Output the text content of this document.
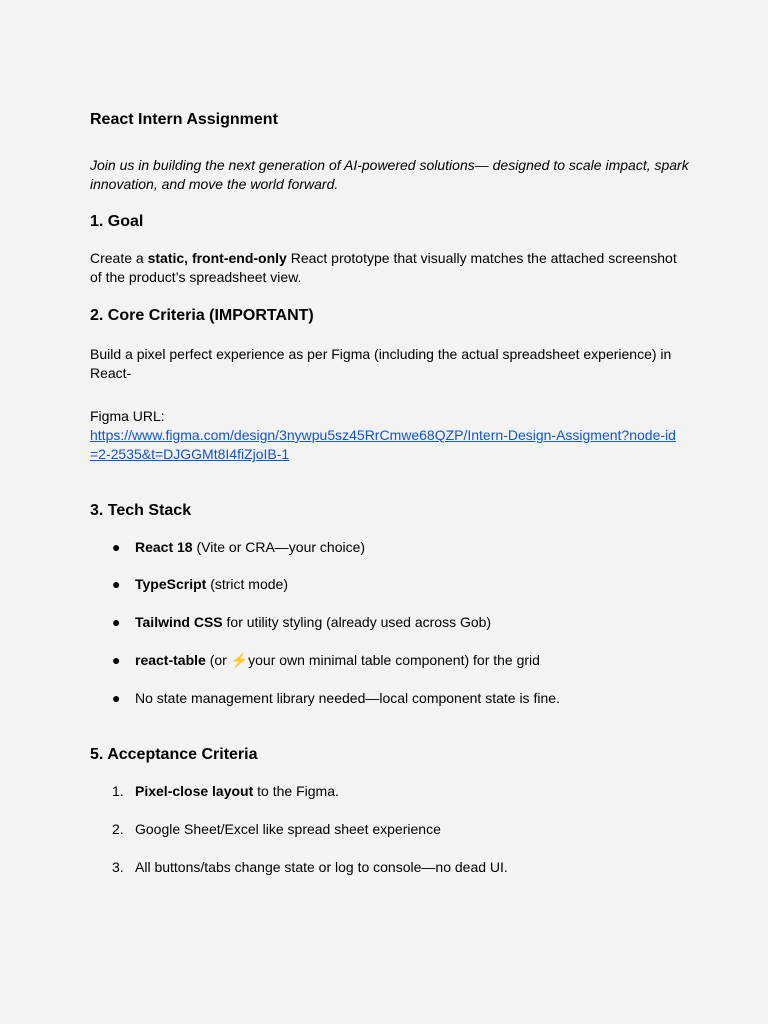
React Intern Assignment
Join us in building the next generation of AI-powered solutions— designed to scale impact, spark innovation, and move the world forward.
1. Goal
Create a static, front-end-only React prototype that visually matches the attached screenshot of the product’s spreadsheet view.
2. Core Criteria (IMPORTANT)
Build a pixel perfect experience as per Figma (including the actual spreadsheet experience) in React-
Figma URL:
https://www.figma.com/design/3nywpu5sz45RrCmwe68QZP/Intern-Design-Assigment?node-id=2-2535&t=DJGGMt8I4fiZjoIB-1
3. Tech Stack
●	React 18 (Vite or CRA—your choice)
●	TypeScript (strict mode)
●	Tailwind CSS for utility styling (already used across Gob)
●	react-table (or ⚡your own minimal table component) for the grid
●	No state management library needed—local component state is fine.
5. Acceptance Criteria
1. Pixel-close layout to the Figma.
2. Google Sheet/Excel like spread sheet experience
3. All buttons/tabs change state or log to console—no dead UI.
